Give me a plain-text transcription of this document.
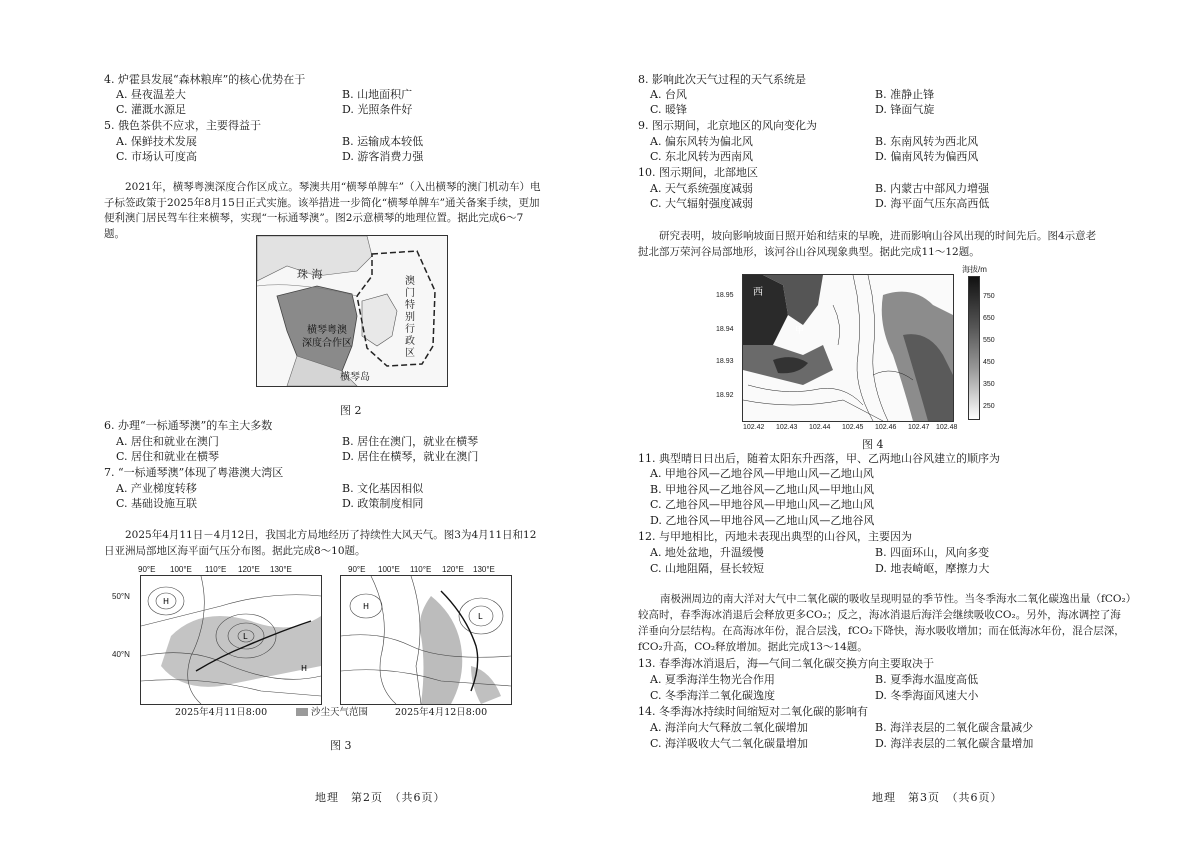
4. 炉霍县发展“森林粮库”的核心优势在于
A. 昼夜温差大	B. 山地面积广
C. 灌溉水源足	D. 光照条件好
5. 俄色茶供不应求，主要得益于
A. 保鲜技术发展	B. 运输成本较低
C. 市场认可度高	D. 游客消费力强
2021年，横琴粤澳深度合作区成立。琴澳共用“横琴单牌车”（入出横琴的澳门机动车）电子标签政策于2025年8月15日正式实施。该举措进一步简化“横琴单牌车”通关备案手续，更加便利澳门居民驾车往来横琴，实现“一标通琴澳”。图2示意横琴的地理位置。据此完成6～7题。
珠 海
横琴粤澳
深度合作区
横琴岛
澳
门
特
别
行
政
区
图 2
6. 办理“一标通琴澳”的车主大多数
A. 居住和就业在澳门	B. 居住在澳门，就业在横琴
C. 居住和就业在横琴	D. 居住在横琴，就业在澳门
7. “一标通琴澳”体现了粤港澳大湾区
A. 产业梯度转移	B. 文化基因相似
C. 基础设施互联	D. 政策制度相同
2025年4月11日－4月12日，我国北方局地经历了持续性大风天气。图3为4月11日和12日亚洲局部地区海平面气压分布图。据此完成8～10题。
90°E 100°E 110°E 120°E 130°E
50°N
40°N
H
L
H
90°E 100°E 110°E 120°E 130°E
L
H
2025年4月11日8:00	沙尘天气范围	2025年4月12日8:00
图 3
地理　第2页　（共6页）
8. 影响此次天气过程的天气系统是
A. 台风	B. 准静止锋
C. 暖锋	D. 锋面气旋
9. 图示期间，北京地区的风向变化为
A. 偏东风转为偏北风	B. 东南风转为西北风
C. 东北风转为西南风	D. 偏南风转为偏西风
10. 图示期间，北部地区
A. 天气系统强度减弱	B. 内蒙古中部风力增强
C. 大气辐射强度减弱	D. 海平面气压东高西低
研究表明，坡向影响坡面日照开始和结束的早晚，进而影响山谷风出现的时间先后。图4示意老挝北部万荣河谷局部地形，该河谷山谷风现象典型。据此完成11～12题。
西
甲
18.95
18.94
18.93
18.92
102.42 102.43 102.44 102.45 102.46 102.47 102.48
海拔/m
750
650
550
450
350
250
图 4
11. 典型晴日日出后，随着太阳东升西落，甲、乙两地山谷风建立的顺序为
A. 甲地谷风—乙地谷风—甲地山风—乙地山风
B. 甲地谷风—乙地谷风—乙地山风—甲地山风
C. 乙地谷风—甲地谷风—甲地山风—乙地山风
D. 乙地谷风—甲地谷风—乙地山风—乙地谷风
12. 与甲地相比，丙地未表现出典型的山谷风，主要因为
A. 地处盆地，升温缓慢	B. 四面环山，风向多变
C. 山地阻隔，昼长较短	D. 地表崎岖，摩擦力大
南极洲周边的南大洋对大气中二氧化碳的吸收呈现明显的季节性。当冬季海水二氧化碳逸出量（fCO₂）
较高时，春季海冰消退后会释放更多CO₂；反之，海冰消退后海洋会继续吸收CO₂。另外，海冰调控了海
洋垂向分层结构。在高海冰年份，混合层浅，fCO₂下降快，海水吸收增加；而在低海冰年份，混合层深，
fCO₂升高，CO₂释放增加。据此完成13～14题。
13. 春季海冰消退后，海—气间二氧化碳交换方向主要取决于
A. 夏季海洋生物光合作用	B. 夏季海水温度高低
C. 冬季海洋二氧化碳逸度	D. 冬季海面风速大小
14. 冬季海冰持续时间缩短对二氧化碳的影响有
A. 海洋向大气释放二氧化碳增加	B. 海洋表层的二氧化碳含量减少
C. 海洋吸收大气二氧化碳量增加	D. 海洋表层的二氧化碳含量增加
地理　第3页　（共6页）
